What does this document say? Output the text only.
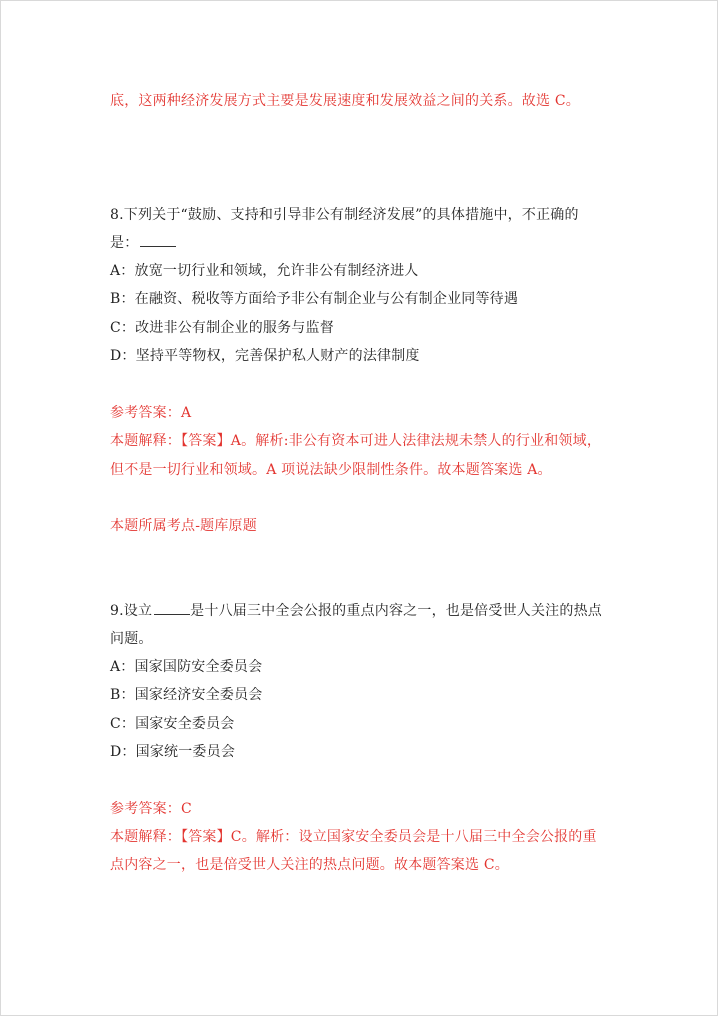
底，这两种经济发展方式主要是发展速度和发展效益之间的关系。故选 C。
8.下列关于“鼓励、支持和引导非公有制经济发展”的具体措施中，不正确的
是：
A：放宽一切行业和领域，允许非公有制经济进人
B：在融资、税收等方面给予非公有制企业与公有制企业同等待遇
C：改进非公有制企业的服务与监督
D：坚持平等物权，完善保护私人财产的法律制度
参考答案：A
本题解释：【答案】A。解析:非公有资本可进人法律法规未禁人的行业和领域，
但不是一切行业和领域。A 项说法缺少限制性条件。故本题答案选 A。
本题所属考点-题库原题
9.设立	是十八届三中全会公报的重点内容之一，也是倍受世人关注的热点
问题。
A：国家国防安全委员会
B：国家经济安全委员会
C：国家安全委员会
D：国家统一委员会
参考答案：C
本题解释：【答案】C。解析：设立国家安全委员会是十八届三中全会公报的重
点内容之一，也是倍受世人关注的热点问题。故本题答案选 C。
